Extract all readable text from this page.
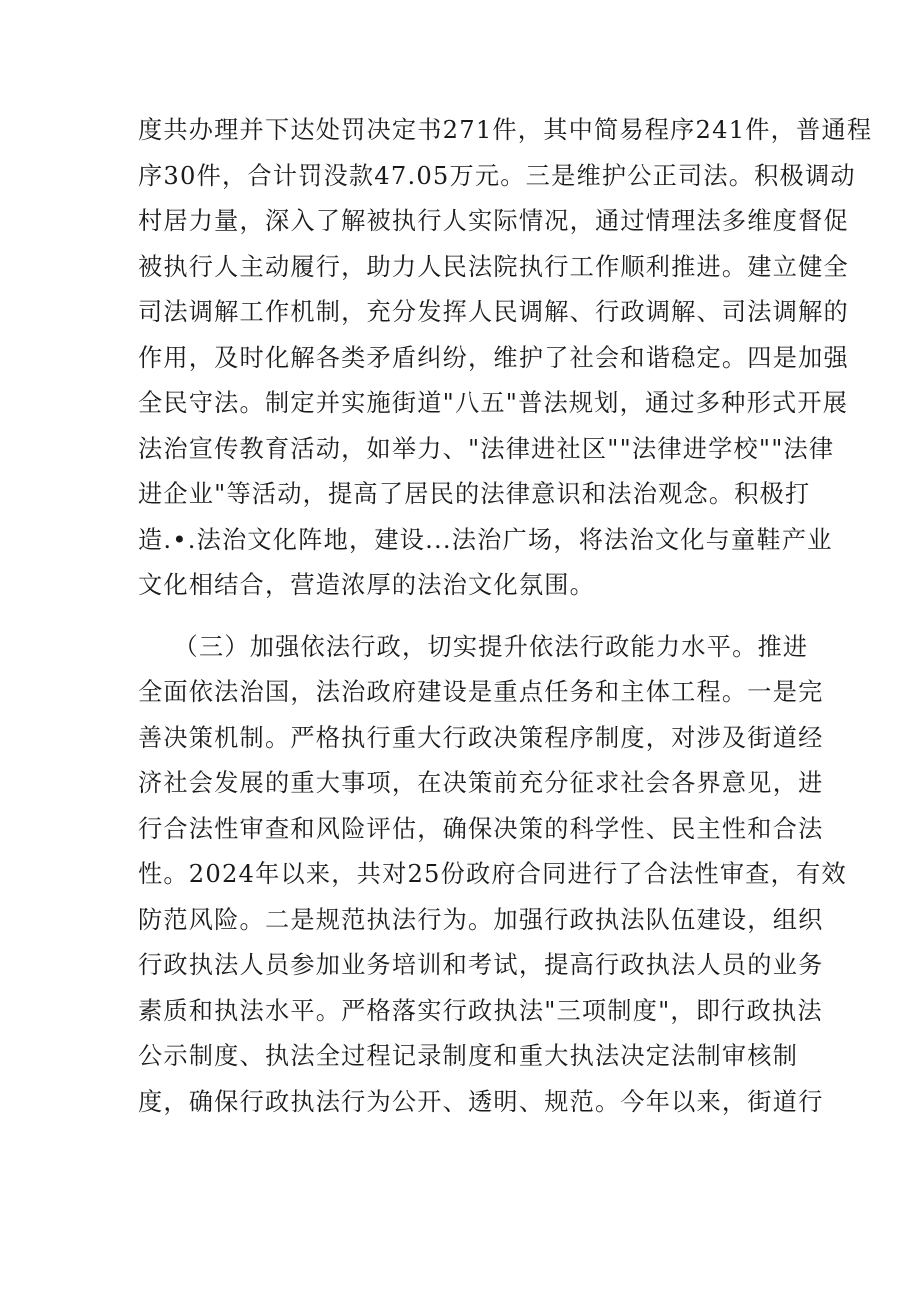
度共办理并下达处罚决定书271件，其中简易程序241件，普通程
序30件，合计罚没款47.05万元。三是维护公正司法。积极调动
村居力量，深入了解被执行人实际情况，通过情理法多维度督促
被执行人主动履行，助力人民法院执行工作顺利推进。建立健全
司法调解工作机制，充分发挥人民调解、行政调解、司法调解的
作用，及时化解各类矛盾纠纷，维护了社会和谐稳定。四是加强
全民守法。制定并实施街道"八五"普法规划，通过多种形式开展
法治宣传教育活动，如举力、"法律进社区""法律进学校""法律
进企业"等活动，提高了居民的法律意识和法治观念。积极打
造.•.法治文化阵地，建设...法治广场，将法治文化与童鞋产业
文化相结合，营造浓厚的法治文化氛围。
（三）加强依法行政，切实提升依法行政能力水平。推进
全面依法治国，法治政府建设是重点任务和主体工程。一是完
善决策机制。严格执行重大行政决策程序制度，对涉及街道经
济社会发展的重大事项，在决策前充分征求社会各界意见，进
行合法性审查和风险评估，确保决策的科学性、民主性和合法
性。2024年以来，共对25份政府合同进行了合法性审查，有效
防范风险。二是规范执法行为。加强行政执法队伍建设，组织
行政执法人员参加业务培训和考试，提高行政执法人员的业务
素质和执法水平。严格落实行政执法"三项制度"，即行政执法
公示制度、执法全过程记录制度和重大执法决定法制审核制
度，确保行政执法行为公开、透明、规范。今年以来，街道行
